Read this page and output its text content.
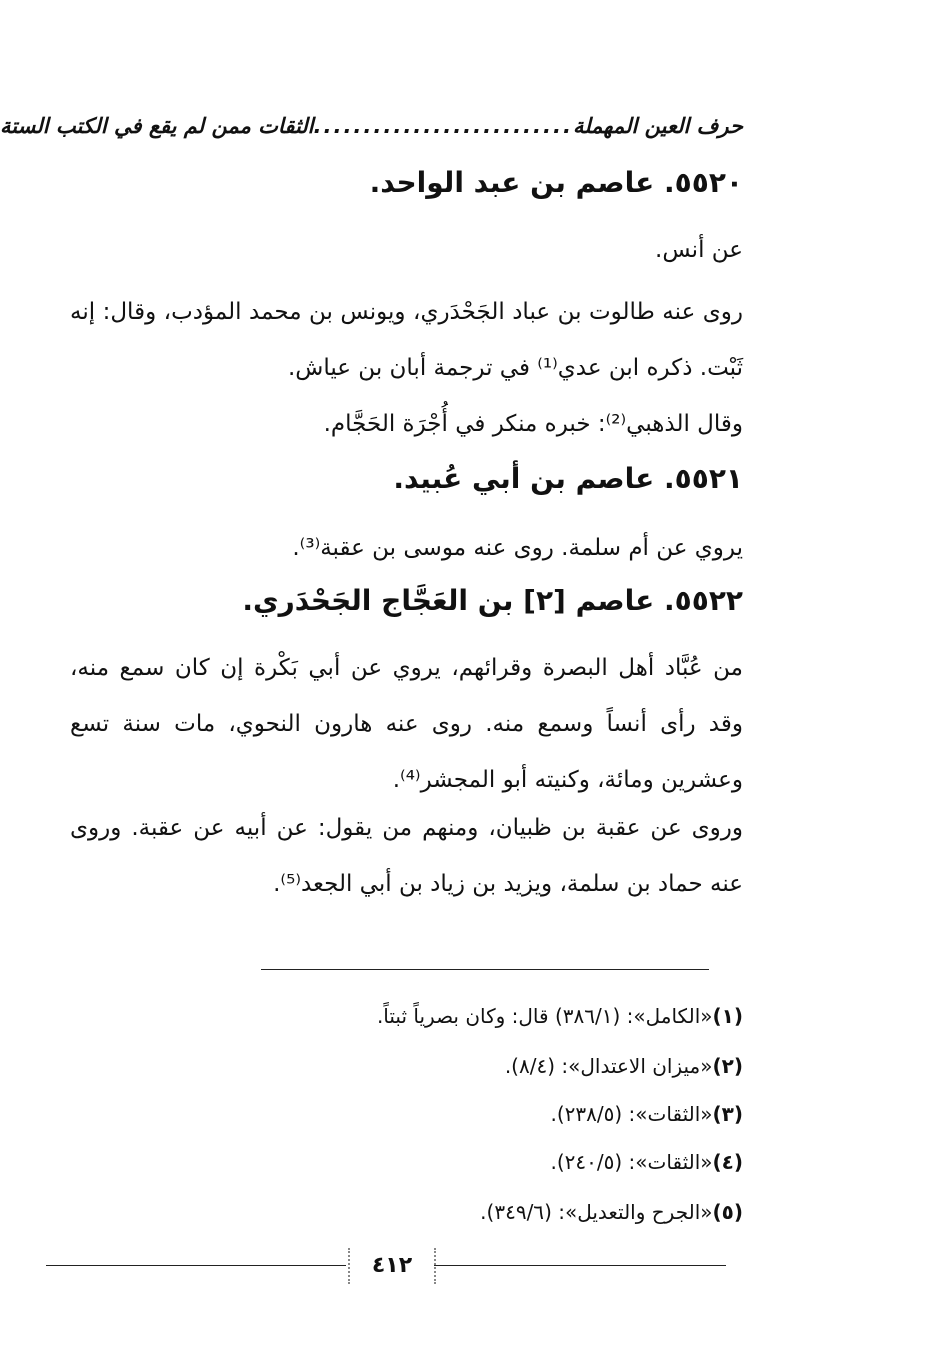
حرف العين المهملة
..........................
الثقات ممن لم يقع في الكتب الستة
٥٥٢٠. عاصم بن عبد الواحد.
عن أنس.
روى عنه طالوت بن عباد الجَحْدَري، ويونس بن محمد المؤدب، وقال: إنه ثَبْت. ذكره ابن عدي⁽¹⁾ في ترجمة أبان بن عياش.
وقال الذهبي⁽²⁾: خبره منكر في أُجْرَة الحَجَّام.
٥٥٢١. عاصم بن أبي عُبيد.
يروي عن أم سلمة. روى عنه موسى بن عقبة⁽³⁾.
٥٥٢٢. عاصم [٢] بن العَجَّاج الجَحْدَري.
من عُبَّاد أهل البصرة وقرائهم، يروي عن أبي بَكْرة إن كان سمع منه، وقد رأى أنساً وسمع منه. روى عنه هارون النحوي، مات سنة تسع وعشرين ومائة، وكنيته أبو المجشر⁽⁴⁾.
وروى عن عقبة بن ظبيان، ومنهم من يقول: عن أبيه عن عقبة. وروى عنه حماد بن سلمة، ويزيد بن زياد بن أبي الجعد⁽⁵⁾.
(١)«الكامل»: (٣٨٦/١) قال: وكان بصرياً ثبتاً.
(٢)«ميزان الاعتدال»: (٨/٤).
(٣)«الثقات»: (٢٣٨/٥).
(٤)«الثقات»: (٢٤٠/٥).
(٥)«الجرح والتعديل»: (٣٤٩/٦).
٤١٢
